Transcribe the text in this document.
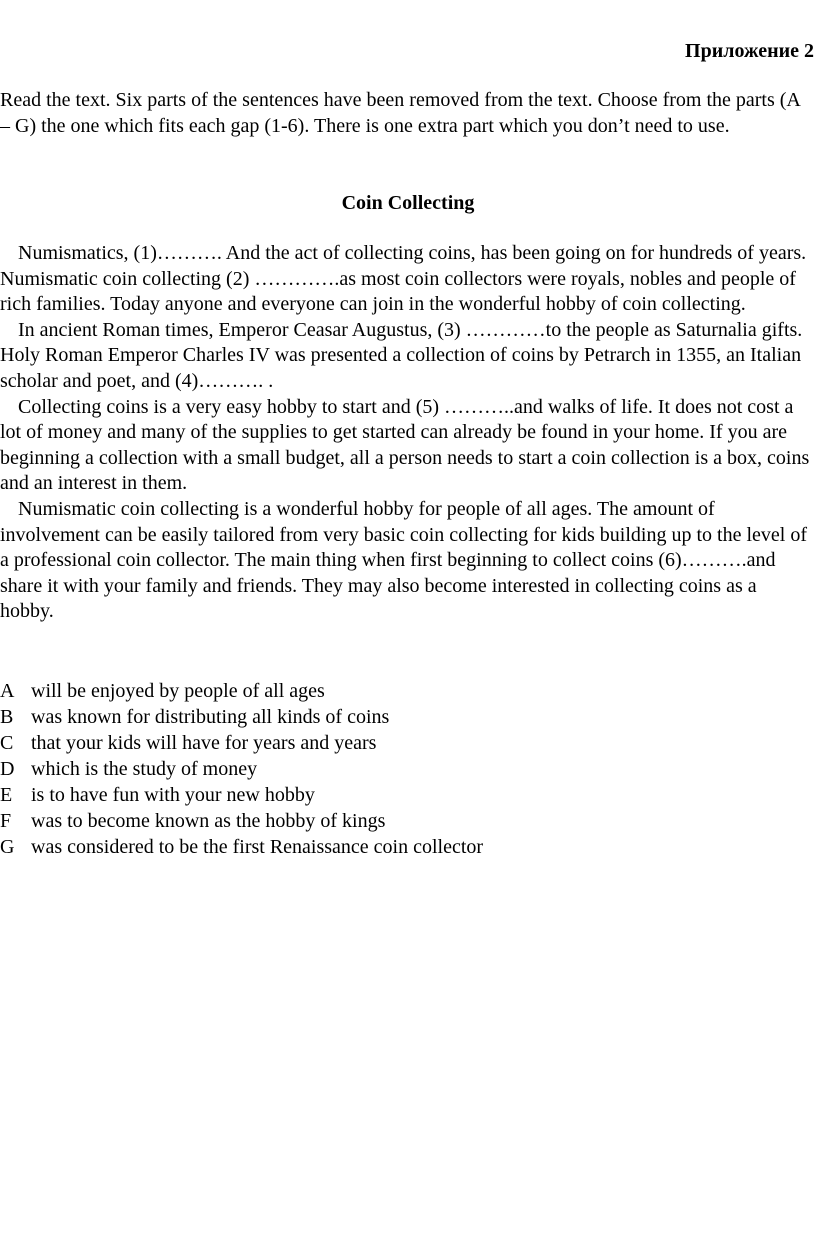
Приложение 2
Read the text. Six parts of the sentences have been removed from the text. Choose from the parts (A – G) the one which fits each gap (1-6). There is one extra part which you don’t need to use.
Coin Collecting

Numismatics, (1)………. And the act of collecting coins, has been going on for hundreds of years. Numismatic coin collecting (2) ………….as most coin collectors were royals, nobles and people of rich families. Today anyone and everyone can join in the wonderful hobby of coin collecting.

In ancient Roman times, Emperor Ceasar Augustus, (3) …………to the people as Saturnalia gifts. Holy Roman Emperor Charles IV was presented a collection of coins by Petrarch in 1355, an Italian scholar and poet, and (4)………. .

Collecting coins is a very easy hobby to start and (5) ………..and walks of life. It does not cost a lot of money and many of the supplies to get started can already be found in your home. If you are beginning a collection with a small budget, all a person needs to start a coin collection is a box, coins and an interest in them.

Numismatic coin collecting is a wonderful hobby for people of all ages. The amount of involvement can be easily tailored from very basic coin collecting for kids building up to the level of a professional coin collector. The main thing when first beginning to collect coins (6)……….and share it with your family and friends. They may also become interested in collecting coins as a hobby.

A will be enjoyed by people of all ages
B was known for distributing all kinds of coins
C that your kids will have for years and years
D which is the study of money
E is to have fun with your new hobby
F was to become known as the hobby of kings
G was considered to be the first Renaissance coin collector
